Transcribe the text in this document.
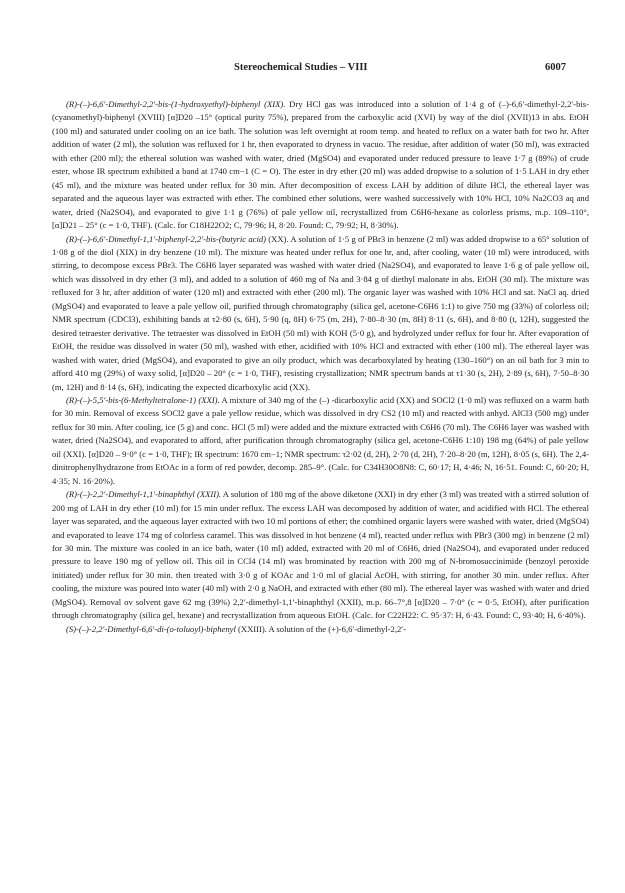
Stereochemical Studies – VIII	6007

(R)-(–)-6,6′-Dimethyl-2,2′-bis-(1-hydroxyethyl)-biphenyl (XIX). Dry HCl gas was introduced into a solution of 1·4 g of (–)-6,6′-dimethyl-2,2′-bis-(cyanomethyl)-biphenyl (XVIII) [α]D20 –15° (optical purity 75%), prepared from the carboxylic acid (XVI) by way of the diol (XVII)13 in abs. EtOH (100 ml) and saturated under cooling on an ice bath. The solution was left overnight at room temp. and heated to reflux on a water bath for two hr. After addition of water (2 ml), the solution was refluxed for 1 hr, then evaporated to dryness in vacuo. The residue, after addition of water (50 ml), was extracted with ether (200 ml); the ethereal solution was washed with water, dried (MgSO4) and evaporated under reduced pressure to leave 1·7 g (89%) of crude ester, whose IR spectrum exhibited a band at 1740 cm−1 (C = O). The ester in dry ether (20 ml) was added dropwise to a solution of 1·5 LAH in dry ether (45 ml), and the mixture was heated under reflux for 30 min. After decomposition of excess LAH by addition of dilute HCl, the ethereal layer was separated and the aqueous layer was extracted with ether. The combined ether solutions, were washed successively with 10% HCl, 10% Na2CO3 aq and water, dried (Na2SO4), and evaporated to give 1·1 g (76%) of pale yellow oil, recrystallized from C6H6-hexane as colorless prisms, m.p. 109–110°, [α]D21 – 25° (c = 1·0, THF). (Calc. for C18H22O2; C, 79·96; H, 8·20. Found: C, 79·92; H, 8·30%).

(R)-(–)-6,6′-Dimethyl-1,1′-biphenyl-2,2′-bis-(butyric acid) (XX). A solution of 1·5 g of PBr3 in benzene (2 ml) was added dropwise to a 65° solution of 1·08 g of the diol (XIX) in dry benzene (10 ml). The mixture was heated under reflux for one hr, and, after cooling, water (10 ml) were introduced, with stirring, to decompose excess PBr3. The C6H6 layer separated was washed with water dried (Na2SO4), and evaporated to leave 1·6 g of pale yellow oil, which was dissolved in dry ether (3 ml), and added to a solution of 460 mg of Na and 3·84 g of diethyl malonate in abs. EtOH (30 ml). The mixture was refluxed for 3 hr, after addition of water (120 ml) and extracted with ether (200 ml). The organic layer was washed with 10% HCl and sat. NaCl aq. dried (MgSO4) and evaporated to leave a pale yellow oil, purified through chromatography (silica gel, acetone-C6H6 1:1) to give 750 mg (33%) of colorless oil; NMR spectrum (CDCl3), exhibiting bands at τ2·80 (s, 6H), 5·90 (q, 8H) 6·75 (m, 2H), 7·80–8·30 (m, 8H) 8·11 (s, 6H), and 8·80 (t, 12H), suggested the desired tetraester derivative. The tetraester was dissolved in EtOH (50 ml) with KOH (5·0 g), and hydrolyzed under reflux for four hr. After evaporation of EtOH, the residue was dissolved in water (50 ml), washed with ether, acidified with 10% HCl and extracted with ether (100 ml). The ethereal layer was washed with water, dried (MgSO4), and evaporated to give an oily product, which was decarboxylated by heating (130–160°) on an oil bath for 3 min to afford 410 mg (29%) of waxy solid, [α]D20 – 20° (c = 1·0, THF), resisting crystallization; NMR spectrum bands at τ1·30 (s, 2H), 2·89 (s, 6H), 7·50–8·30 (m, 12H) and 8·14 (s, 6H), indicating the expected dicarboxylic acid (XX).

(R)-(–)-5,5′-bis-(6-Methyltetralone-1) (XXI). A mixture of 340 mg of the (–) -dicarboxylic acid (XX) and SOCl2 (1·0 ml) was refluxed on a warm bath for 30 min. Removal of excess SOCl2 gave a pale yellow residue, which was dissolved in dry CS2 (10 ml) and reacted with anhyd. AlCl3 (500 mg) under reflux for 30 min. After cooling, ice (5 g) and conc. HCl (5 ml) were added and the mixture extracted with C6H6 (70 ml). The C6H6 layer was washed with water, dried (Na2SO4), and evaporated to afford, after purification through chromatography (silica gel, acetone-C6H6 1:10) 198 mg (64%) of pale yellow oil (XXI). [α]D20 – 9·0° (c = 1·0, THF); IR spectrum: 1670 cm−1; NMR spectrum: τ2·02 (d, 2H), 2·70 (d, 2H), 7·20–8·20 (m, 12H), 8·05 (s, 6H). The 2,4-dinitrophenylhydrazone from EtOAc in a form of red powder, decomp. 285–9°. (Calc. for C34H30O8N8: C, 60·17; H, 4·46; N, 16·51. Found: C, 60·20; H, 4·35; N. 16·20%).

(R)-(–)-2,2′-Dimethyl-1,1′-binaphthyl (XXII). A solution of 180 mg of the above diketone (XXI) in dry ether (3 ml) was treated with a stirred solution of 200 mg of LAH in dry ether (10 ml) for 15 min under reflux. The excess LAH was decomposed by addition of water, and acidified with HCl. The ethereal layer was separated, and the aqueous layer extracted with two 10 ml portions of ether; the combined organic layers were washed with water, dried (MgSO4) and evaporated to leave 174 mg of colorless caramel. This was dissolved in hot benzene (4 ml), reacted under reflux with PBr3 (300 mg) in benzene (2 ml) for 30 min. The mixture was cooled in an ice bath, water (10 ml) added, extracted with 20 ml of C6H6, dried (Na2SO4), and evaporated under reduced pressure to leave 190 mg of yellow oil. This oil in CCl4 (14 ml) was brominated by reaction with 200 mg of N-bromosuccinimide (benzoyl peroxide initiated) under reflux for 30 min. then treated with 3·0 g of KOAc and 1·0 ml of glacial AcOH, with stirring, for another 30 min. under reflux. After cooling, the mixture was poured into water (40 ml) with 2·0 g NaOH, and extracted with ether (80 ml). The ethereal layer was washed with water and dried (MgSO4). Removal ov solvent gave 62 mg (39%) 2,2′-dimethyl-1,1′-binaphthyl (XXII), m.p. 66–7°,8 [α]D20 – 7·0° (c = 0·5, EtOH), after purification through chromatography (silica gel, hexane) and recrystallization from aqueous EtOH. (Calc. for C22H22: C. 95·37: H, 6·43. Found: C, 93·40; H, 6·40%).

(S)-(–)-2,2′-Dimethyl-6,6′-di-(o-toluoyl)-biphenyl (XXIII). A solution of the (+)-6,6′-dimethyl-2,2′-
